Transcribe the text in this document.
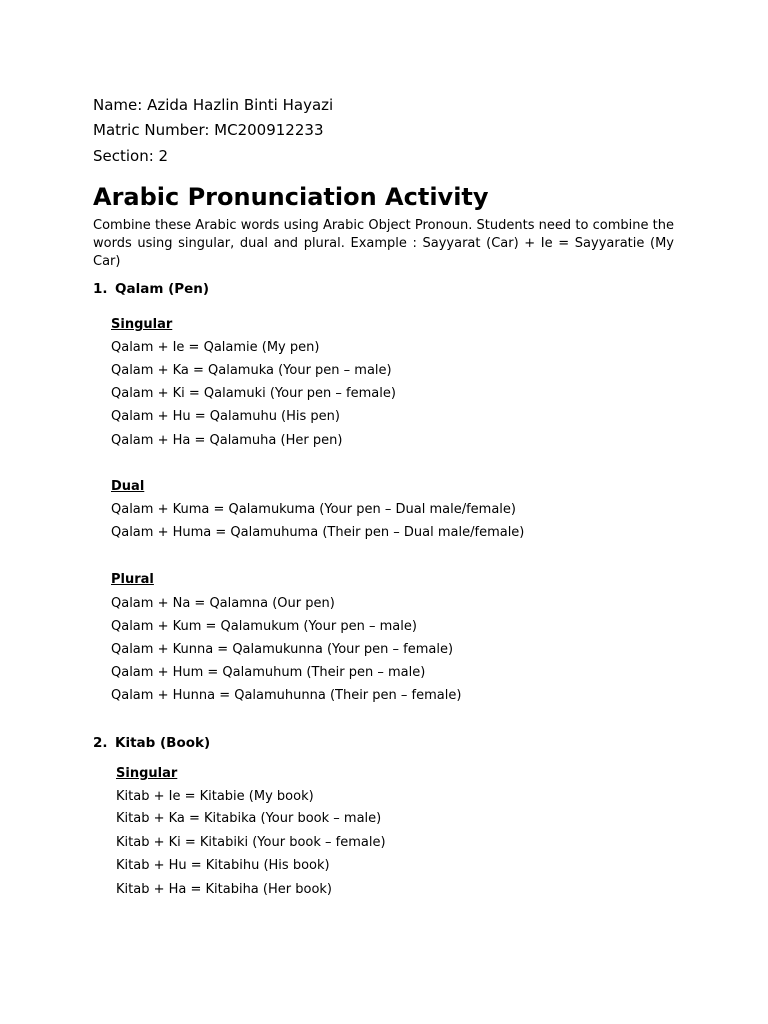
Name: Azida Hazlin Binti Hayazi
Matric Number: MC200912233
Section: 2
Arabic Pronunciation Activity
Combine these Arabic words using Arabic Object Pronoun. Students need to combine the words using singular, dual and plural. Example : Sayyarat (Car) + Ie = Sayyaratie (My Car)
1. Qalam (Pen)
Singular
Qalam + Ie = Qalamie (My pen)
Qalam + Ka = Qalamuka (Your pen – male)
Qalam + Ki = Qalamuki (Your pen – female)
Qalam + Hu = Qalamuhu (His pen)
Qalam + Ha = Qalamuha (Her pen)
Dual
Qalam + Kuma = Qalamukuma (Your pen – Dual male/female)
Qalam + Huma = Qalamuhuma (Their pen – Dual male/female)
Plural
Qalam + Na = Qalamna (Our pen)
Qalam + Kum = Qalamukum (Your pen – male)
Qalam + Kunna = Qalamukunna (Your pen – female)
Qalam + Hum = Qalamuhum (Their pen – male)
Qalam + Hunna = Qalamuhunna (Their pen – female)
2. Kitab (Book)
Singular
Kitab + Ie = Kitabie (My book)
Kitab + Ka = Kitabika (Your book – male)
Kitab + Ki = Kitabiki (Your book – female)
Kitab + Hu = Kitabihu (His book)
Kitab + Ha = Kitabiha (Her book)
